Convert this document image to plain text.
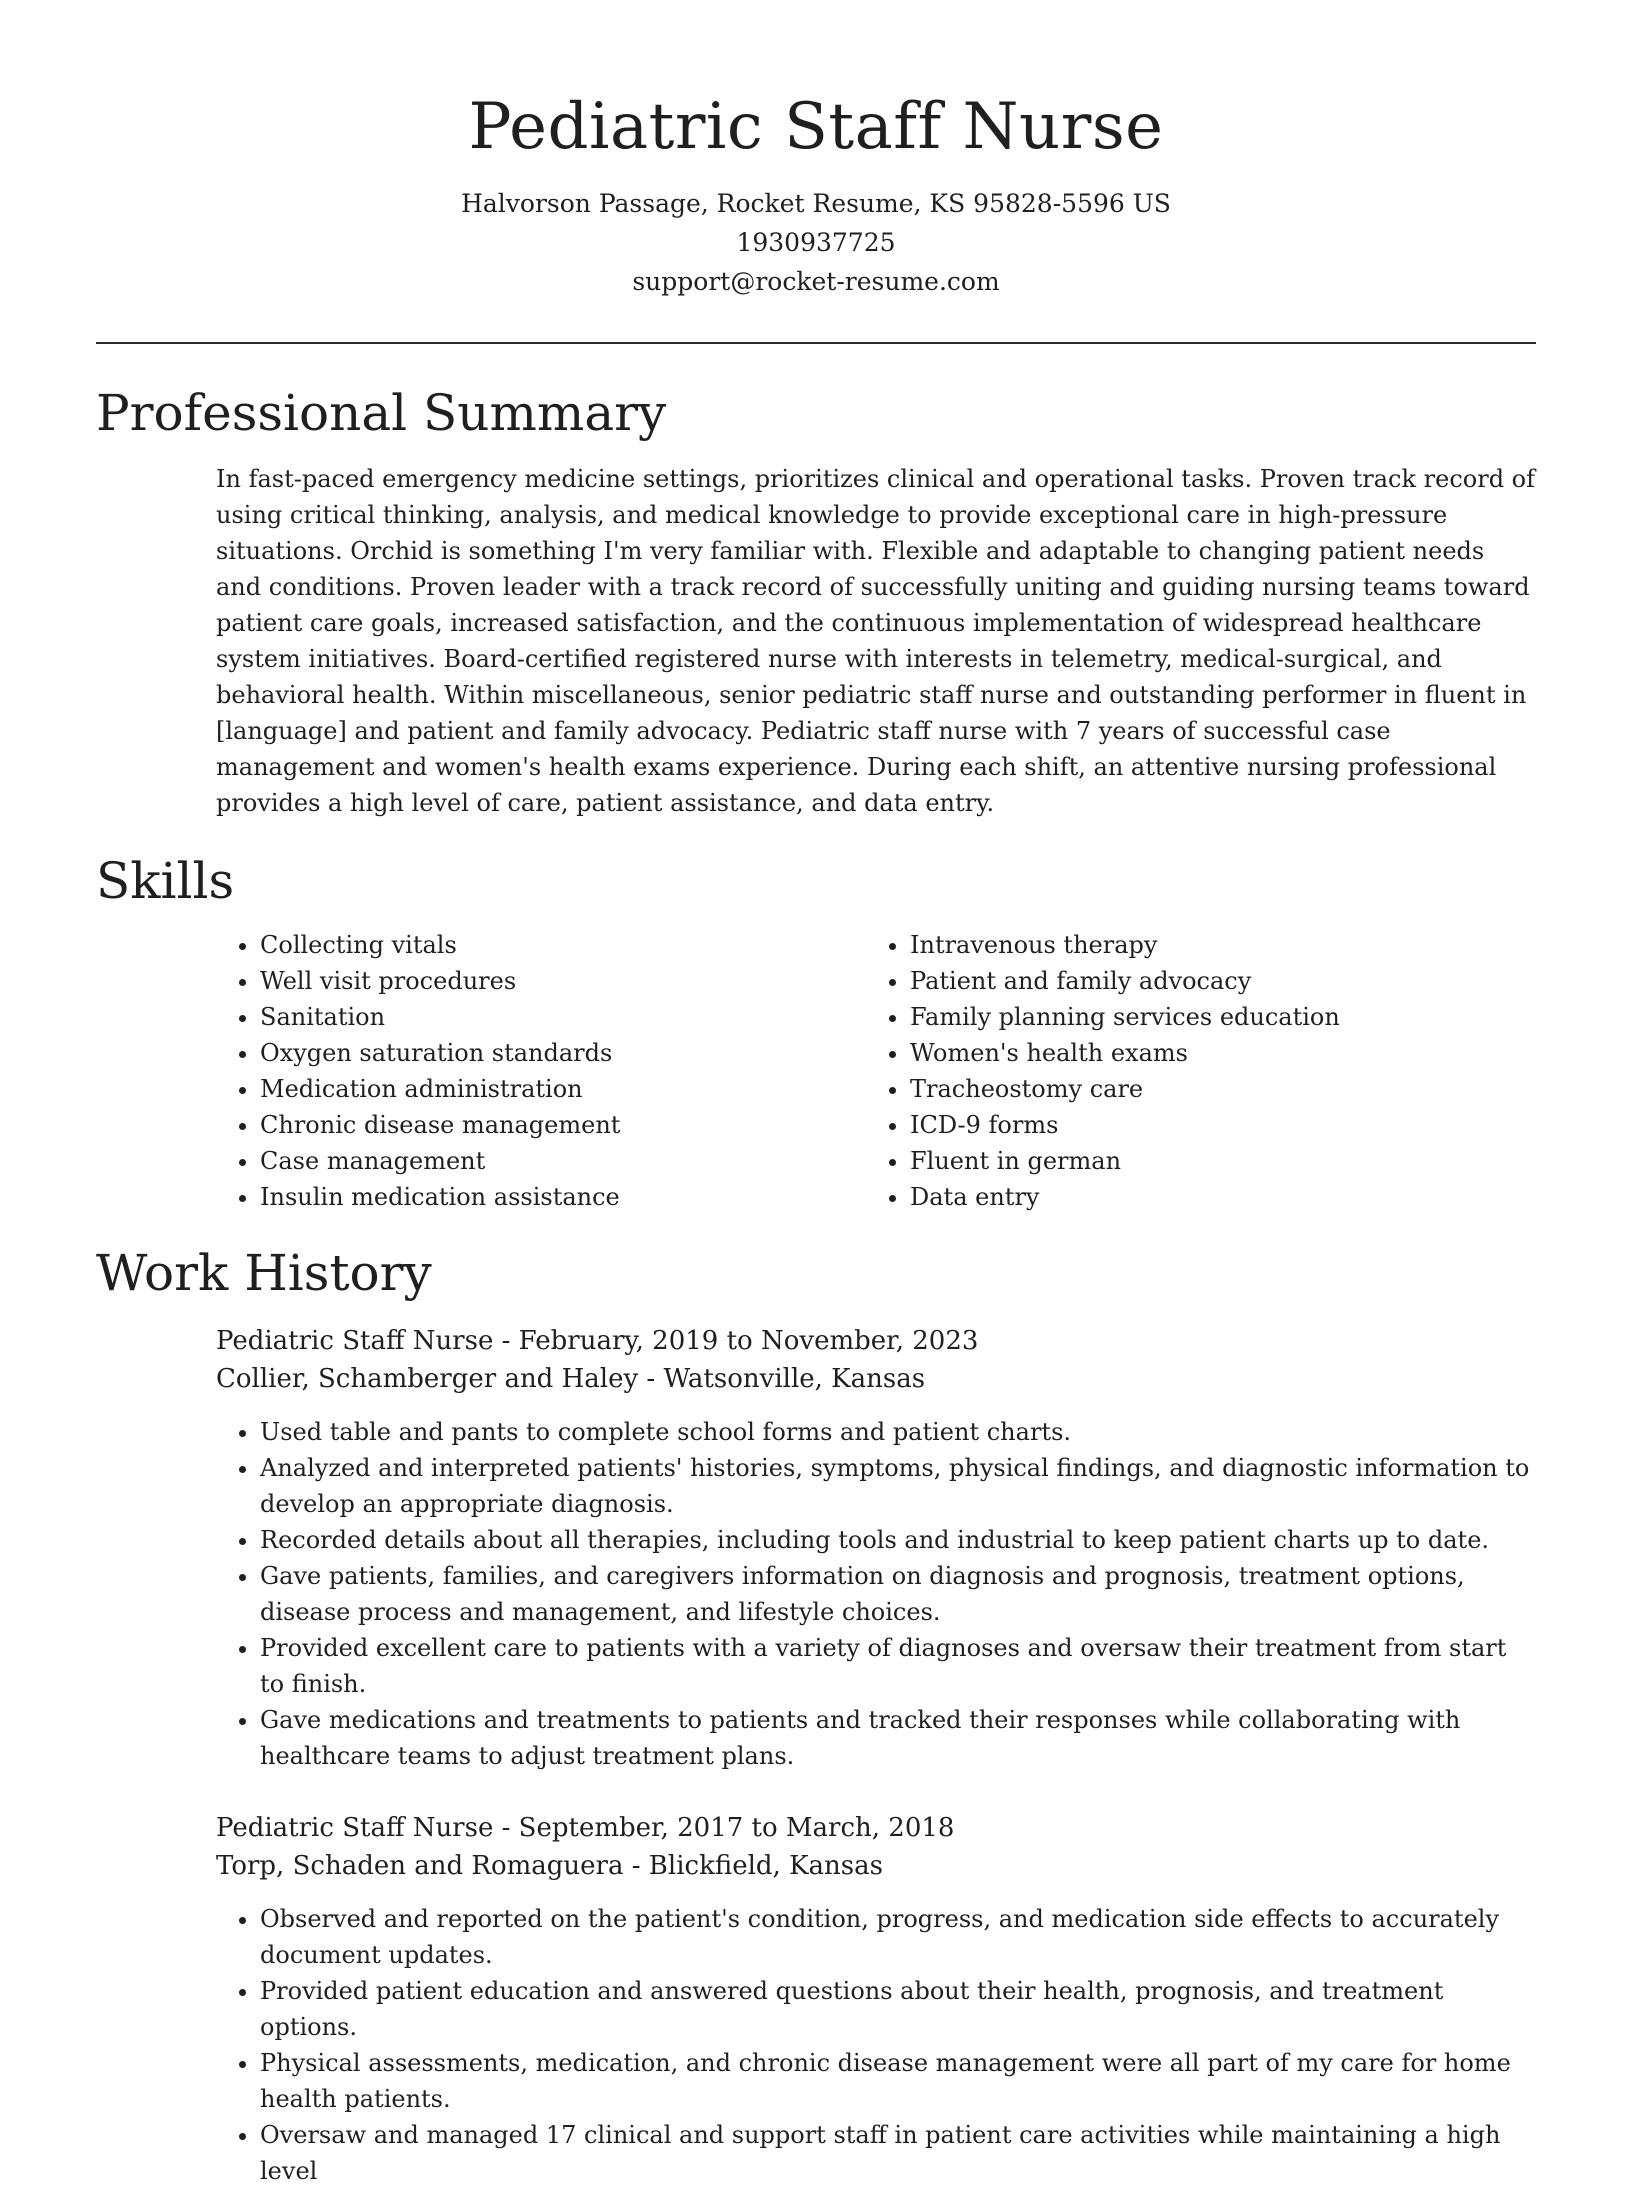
Pediatric Staff Nurse

Halvorson Passage, Rocket Resume, KS 95828-5596 US

1930937725

support@rocket-resume.com

Professional Summary

In fast-paced emergency medicine settings, prioritizes clinical and operational tasks. Proven track record of using critical thinking, analysis, and medical knowledge to provide exceptional care in high-pressure situations. Orchid is something I'm very familiar with. Flexible and adaptable to changing patient needs and conditions. Proven leader with a track record of successfully uniting and guiding nursing teams toward patient care goals, increased satisfaction, and the continuous implementation of widespread healthcare system initiatives. Board-certified registered nurse with interests in telemetry, medical-surgical, and behavioral health. Within miscellaneous, senior pediatric staff nurse and outstanding performer in fluent in [language] and patient and family advocacy. Pediatric staff nurse with 7 years of successful case management and women's health exams experience. During each shift, an attentive nursing professional provides a high level of care, patient assistance, and data entry.

Skills
• Collecting vitals
• Well visit procedures
• Sanitation
• Oxygen saturation standards
• Medication administration
• Chronic disease management
• Case management
• Insulin medication assistance
• Intravenous therapy
• Patient and family advocacy
• Family planning services education
• Women's health exams
• Tracheostomy care
• ICD-9 forms
• Fluent in german
• Data entry
Work History

Pediatric Staff Nurse - February, 2019 to November, 2023

Collier, Schamberger and Haley - Watsonville, Kansas

• Used table and pants to complete school forms and patient charts.
• Analyzed and interpreted patients' histories, symptoms, physical findings, and diagnostic information to develop an appropriate diagnosis.
• Recorded details about all therapies, including tools and industrial to keep patient charts up to date.
• Gave patients, families, and caregivers information on diagnosis and prognosis, treatment options, disease process and management, and lifestyle choices.
• Provided excellent care to patients with a variety of diagnoses and oversaw their treatment from start to finish.
• Gave medications and treatments to patients and tracked their responses while collaborating with healthcare teams to adjust treatment plans.

Pediatric Staff Nurse - September, 2017 to March, 2018

Torp, Schaden and Romaguera - Blickfield, Kansas

• Observed and reported on the patient's condition, progress, and medication side effects to accurately document updates.
• Provided patient education and answered questions about their health, prognosis, and treatment options.
• Physical assessments, medication, and chronic disease management were all part of my care for home health patients.
• Oversaw and managed 17 clinical and support staff in patient care activities while maintaining a high level
